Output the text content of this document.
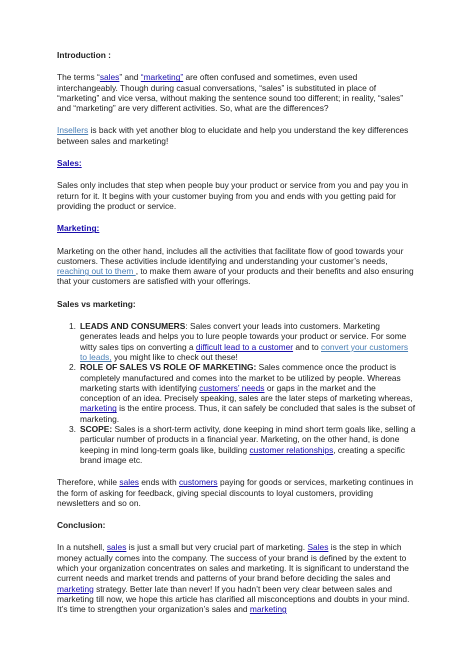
Introduction :

The terms “sales” and “marketing” are often confused and sometimes, even used interchangeably. Though during casual conversations, “sales” is substituted in place of “marketing” and vice versa, without making the sentence sound too different; in reality, “sales” and “marketing” are very different activities. So, what are the differences?

Insellers is back with yet another blog to elucidate and help you understand the key differences between sales and marketing!

Sales:

Sales only includes that step when people buy your product or service from you and pay you in return for it. It begins with your customer buying from you and ends with you getting paid for providing the product or service.

Marketing:

Marketing on the other hand, includes all the activities that facilitate flow of good towards your customers. These activities include identifying and understanding your customer’s needs, reaching out to them , to make them aware of your products and their benefits and also ensuring that your customers are satisfied with your offerings.

Sales vs marketing:

1. LEADS AND CONSUMERS: Sales convert your leads into customers. Marketing generates leads and helps you to lure people towards your product or service. For some witty sales tips on converting a difficult lead to a customer and to convert your customers to leads, you might like to check out these!
2. ROLE OF SALES VS ROLE OF MARKETING: Sales commence once the product is completely manufactured and comes into the market to be utilized by people. Whereas marketing starts with identifying customers’ needs or gaps in the market and the conception of an idea. Precisely speaking, sales are the later steps of marketing whereas, marketing is the entire process. Thus, it can safely be concluded that sales is the subset of marketing.
3. SCOPE: Sales is a short-term activity, done keeping in mind short term goals like, selling a particular number of products in a financial year. Marketing, on the other hand, is done keeping in mind long-term goals like, building customer relationships, creating a specific brand image etc.

Therefore, while sales ends with customers paying for goods or services, marketing continues in the form of asking for feedback, giving special discounts to loyal customers, providing newsletters and so on.

Conclusion:

In a nutshell, sales is just a small but very crucial part of marketing. Sales is the step in which money actually comes into the company. The success of your brand is defined by the extent to which your organization concentrates on sales and marketing. It is significant to understand the current needs and market trends and patterns of your brand before deciding the sales and marketing strategy. Better late than never! If you hadn’t been very clear between sales and marketing till now, we hope this article has clarified all misconceptions and doubts in your mind. It’s time to strengthen your organization’s sales and marketing
